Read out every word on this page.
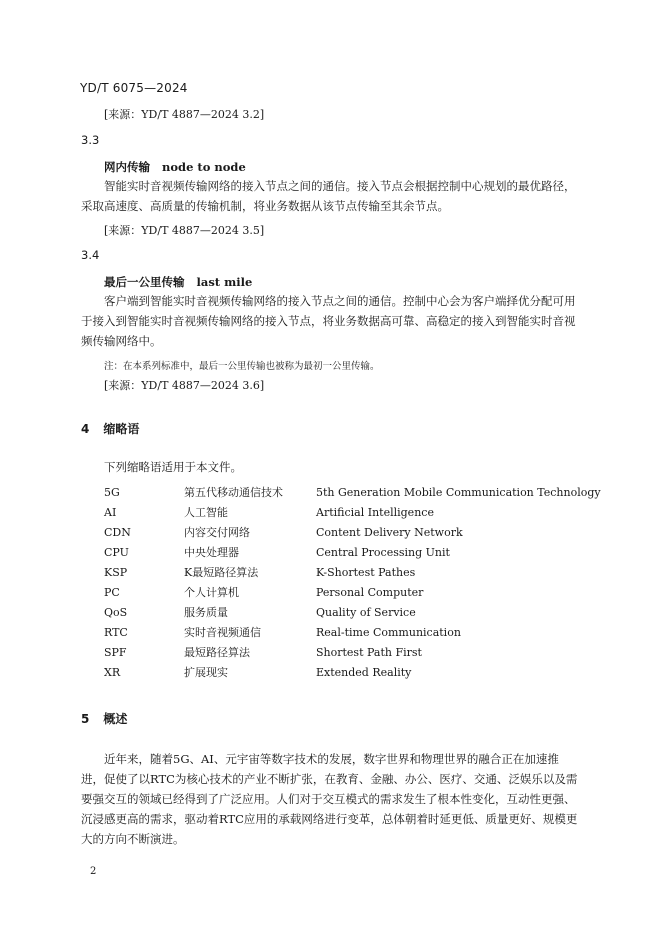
YD/T 6075—2024
[来源：YD/T 4887—2024 3.2]
3.3
网内传输 node to node
智能实时音视频传输网络的接入节点之间的通信。接入节点会根据控制中心规划的最优路径，采取高速度、高质量的传输机制，将业务数据从该节点传输至其余节点。
[来源：YD/T 4887—2024 3.5]
3.4
最后一公里传输 last mile
客户端到智能实时音视频传输网络的接入节点之间的通信。控制中心会为客户端择优分配可用于接入到智能实时音视频传输网络的接入节点，将业务数据高可靠、高稳定的接入到智能实时音视频传输网络中。
注：在本系列标准中，最后一公里传输也被称为最初一公里传输。
[来源：YD/T 4887—2024 3.6]
4 缩略语
下列缩略语适用于本文件。
5G	第五代移动通信技术	5th Generation Mobile Communication Technology
AI	人工智能	Artificial Intelligence
CDN	内容交付网络	Content Delivery Network
CPU	中央处理器	Central Processing Unit
KSP	K最短路径算法	K-Shortest Pathes
PC	个人计算机	Personal Computer
QoS	服务质量	Quality of Service
RTC	实时音视频通信	Real-time Communication
SPF	最短路径算法	Shortest Path First
XR	扩展现实	Extended Reality
5 概述
近年来，随着5G、AI、元宇宙等数字技术的发展，数字世界和物理世界的融合正在加速推进，促使了以RTC为核心技术的产业不断扩张，在教育、金融、办公、医疗、交通、泛娱乐以及需要强交互的领域已经得到了广泛应用。人们对于交互模式的需求发生了根本性变化，互动性更强、沉浸感更高的需求，驱动着RTC应用的承载网络进行变革，总体朝着时延更低、质量更好、规模更大的方向不断演进。
2
